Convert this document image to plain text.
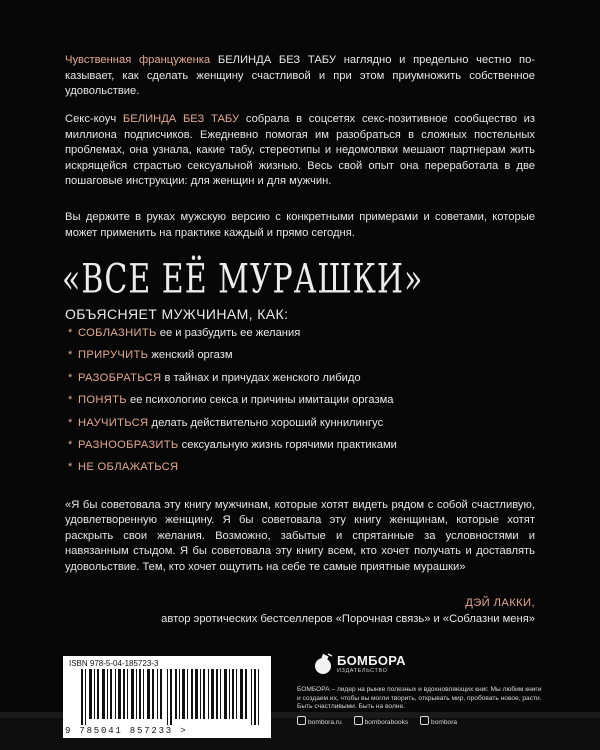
Чувственная француженка БЕЛИНДА БЕЗ ТАБУ наглядно и предельно честно по- казывает, как сделать женщину счастливой и при этом приумножить собственное удовольствие.

Секс-коуч БЕЛИНДА БЕЗ ТАБУ собрала в соцсетях секс-позитивное сообщество из миллиона подписчиков. Ежедневно помогая им разобраться в сложных постельных проблемах, она узнала, какие табу, стереотипы и недомолвки мешают партнерам жить искрящейся страстью сексуальной жизнью. Весь свой опыт она переработала в две пошаговые инструкции: для женщин и для мужчин.

Вы держите в руках мужскую версию с конкретными примерами и советами, которые может применить на практике каждый и прямо сегодня.

«ВСЕ ЕЁ МУРАШКИ»
ОБЪЯСНЯЕТ МУЖЧИНАМ, КАК:
* СОБЛАЗНИТЬ ее и разбудить ее желания
* ПРИРУЧИТЬ женский оргазм
* РАЗОБРАТЬСЯ в тайнах и причудах женского либидо
* ПОНЯТЬ ее психологию секса и причины имитации оргазма
* НАУЧИТЬСЯ делать действительно хороший куннилингус
* РАЗНООБРАЗИТЬ сексуальную жизнь горячими практиками
* НЕ ОБЛАЖАТЬСЯ

«Я бы советовала эту книгу мужчинам, которые хотят видеть рядом с собой счастливую, удовлетворенную женщину. Я бы советовала эту книгу женщинам, которые хотят раскрыть свои желания. Возможно, забытые и спрятанные за условностями и навязанным стыдом. Я бы советовала эту книгу всем, кто хочет получать и доставлять удовольствие. Тем, кто хочет ощутить на себе те самые приятные мурашки»

ДЭЙ ЛАККИ,
автор эротических бестселлеров «Порочная связь» и «Соблазни меня»
ISBN 978-5-04-185723-3
9 785041 857233 >
БОМБОРА
ИЗДАТЕЛЬСТВО
БОМБОРА – лидер на рынке полезных и вдохновляющих книг. Мы любим книги и создаем их, чтобы вы могли творить, открывать мир, пробовать новое, расти. Быть счастливыми. Быть на волне.
bombora.ru	bomborabooks	bombora
